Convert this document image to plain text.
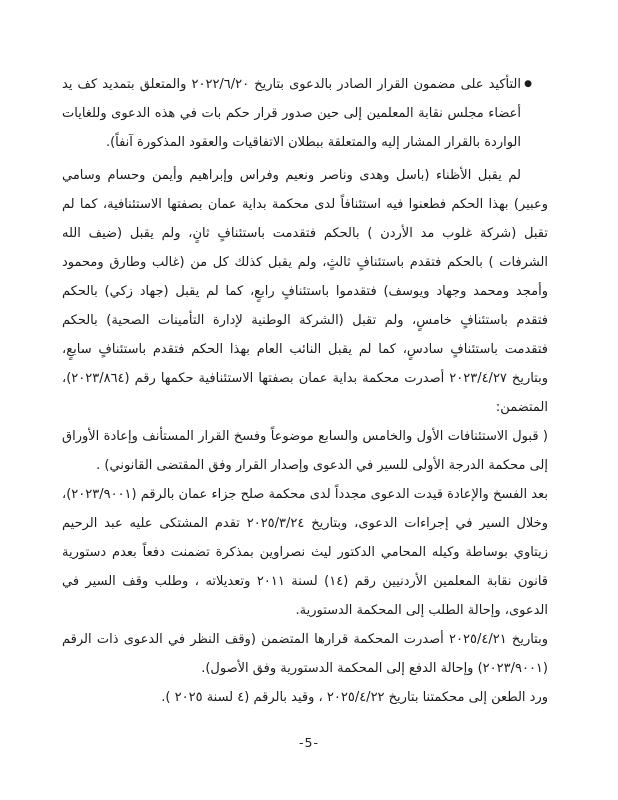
●
التأكيد على مضمون القرار الصادر بالدعوى بتاريخ ٢٠٢٢/٦/٢٠ والمتعلق بتمديد كف يد أعضاء مجلس نقابة المعلمين إلى حين صدور قرار حكم بات في هذه الدعوى وللغايات الواردة بالقرار المشار إليه والمتعلقة ببطلان الاتفاقيات والعقود المذكورة آنفاً).

لم يقبل الأظناء (باسل وهدى وناصر ونعيم وفراس وإبراهيم وأيمن وحسام وسامي وعبير) بهذا الحكم فطعنوا فيه استئنافاً لدى محكمة بداية عمان بصفتها الاستئنافية، كما لم تقبل (شركة غلوب مد الأردن ) بالحكم فتقدمت باستئنافٍ ثانٍ، ولم يقبل (ضيف الله الشرفات ) بالحكم فتقدم باستئنافٍ ثالثٍ، ولم يقبل كذلك كل من (غالب وطارق ومحمود وأمجد ومحمد وجهاد ويوسف) فتقدموا باستئنافٍ رابعٍ، كما لم يقبل (جهاد زكي) بالحكم فتقدم باستئنافٍ خامسٍ، ولم تقبل (الشركة الوطنية لإدارة التأمينات الصحية) بالحكم فتقدمت باستئنافٍ سادسٍ، كما لم يقبل النائب العام بهذا الحكم فتقدم باستئنافٍ سابعٍ، وبتاريخ ٢٠٢٣/٤/٢٧ أصدرت محكمة بداية عمان بصفتها الاستئنافية حكمها رقم (٢٠٢٣/٨٦٤)، المتضمن:

( قبول الاستئنافات الأول والخامس والسابع موضوعاً وفسخ القرار المستأنف وإعادة الأوراق إلى محكمة الدرجة الأولى للسير في الدعوى وإصدار القرار وفق المقتضى القانوني) .

بعد الفسخ والإعادة قيدت الدعوى مجدداً لدى محكمة صلح جزاء عمان بالرقم (٢٠٢٣/٩٠٠١)، وخلال السير في إجراءات الدعوى، وبتاريخ ٢٠٢٥/٣/٢٤ تقدم المشتكى عليه عبد الرحيم زيتاوي بوساطة وكيله المحامي الدكتور ليث نصراوين بمذكرة تضمنت دفعاً بعدم دستورية قانون نقابة المعلمين الأردنيين رقم (١٤) لسنة ٢٠١١ وتعديلاته ، وطلب وقف السير في الدعوى، وإحالة الطلب إلى المحكمة الدستورية.

وبتاريخ ٢٠٢٥/٤/٢١ أصدرت المحكمة قرارها المتضمن (وقف النظر في الدعوى ذات الرقم (٢٠٢٣/٩٠٠١) وإحالة الدفع إلى المحكمة الدستورية وفق الأصول).

ورد الطعن إلى محكمتنا بتاريخ ٢٠٢٥/٤/٢٢ ، وقيد بالرقم (٤ لسنة ٢٠٢٥ ).

-5-
